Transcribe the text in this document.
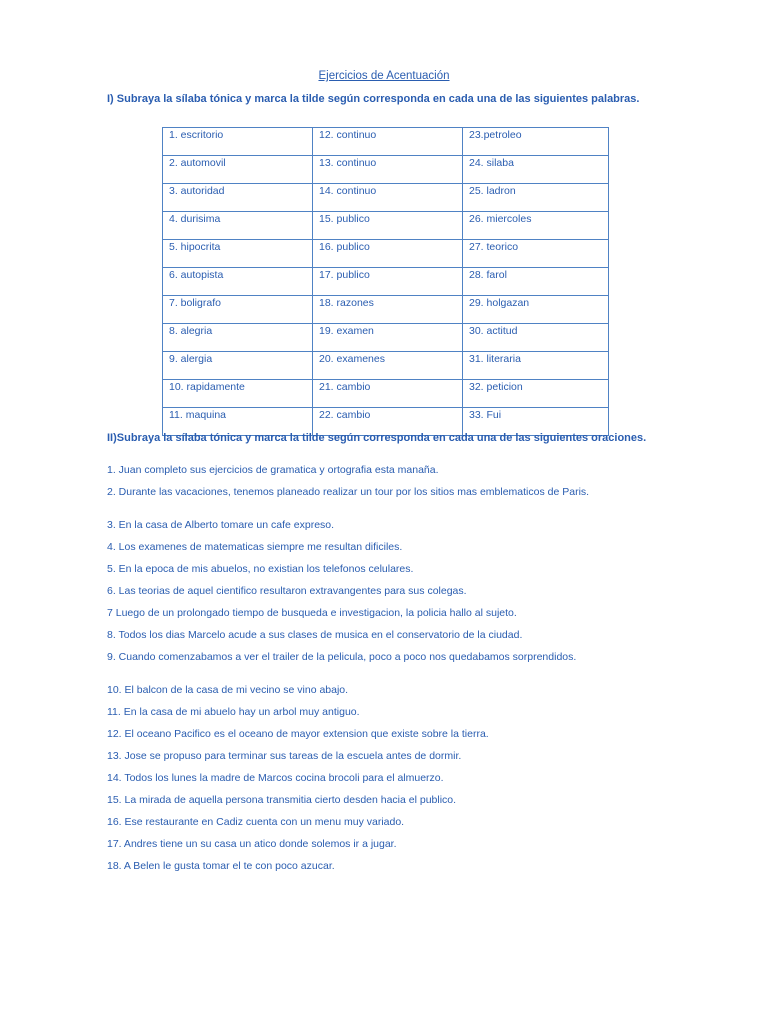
Ejercicios de Acentuación
I) Subraya la sílaba tónica y marca la tilde según corresponda en cada una de las siguientes palabras.
1. escritorio	12. continuo	23.petroleo
2. automovil	13. continuo	24. silaba
3. autoridad	14. continuo	25. ladron
4. durisima	15. publico	26. miercoles
5. hipocrita	16. publico	27. teorico
6. autopista	17. publico	28. farol
7. boligrafo	18. razones	29. holgazan
8. alegria	19. examen	30. actitud
9. alergia	20. examenes	31. literaria
10. rapidamente	21. cambio	32. peticion
11. maquina	22. cambio	33. Fui
II)Subraya la sílaba tónica y marca la tilde según corresponda en cada una de las siguientes oraciones.

1. Juan completo sus ejercicios de gramatica y ortografia esta manaña.

2. Durante las vacaciones, tenemos planeado realizar un tour por los sitios mas emblematicos de Paris.

3. En la casa de Alberto tomare un cafe expreso.

4. Los examenes de matematicas siempre me resultan dificiles.

5. En la epoca de mis abuelos, no existian los telefonos celulares.

6. Las teorias de aquel cientifico resultaron extravangentes para sus colegas.

7 Luego de un prolongado tiempo de busqueda e investigacion, la policia hallo al sujeto.

8. Todos los dias Marcelo acude a sus clases de musica en el conservatorio de la ciudad.

9. Cuando comenzabamos a ver el trailer de la pelicula, poco a poco nos quedabamos sorprendidos.

10. El balcon de la casa de mi vecino se vino abajo.

11. En la casa de mi abuelo hay un arbol muy antiguo.

12. El oceano Pacifico es el oceano de mayor extension que existe sobre la tierra.

13. Jose se propuso para terminar sus tareas de la escuela antes de dormir.

14. Todos los lunes la madre de Marcos cocina brocoli para el almuerzo.

15. La mirada de aquella persona transmitia cierto desden hacia el publico.

16. Ese restaurante en Cadiz cuenta con un menu muy variado.

17. Andres tiene un su casa un atico donde solemos ir a jugar.

18. A Belen le gusta tomar el te con poco azucar.
